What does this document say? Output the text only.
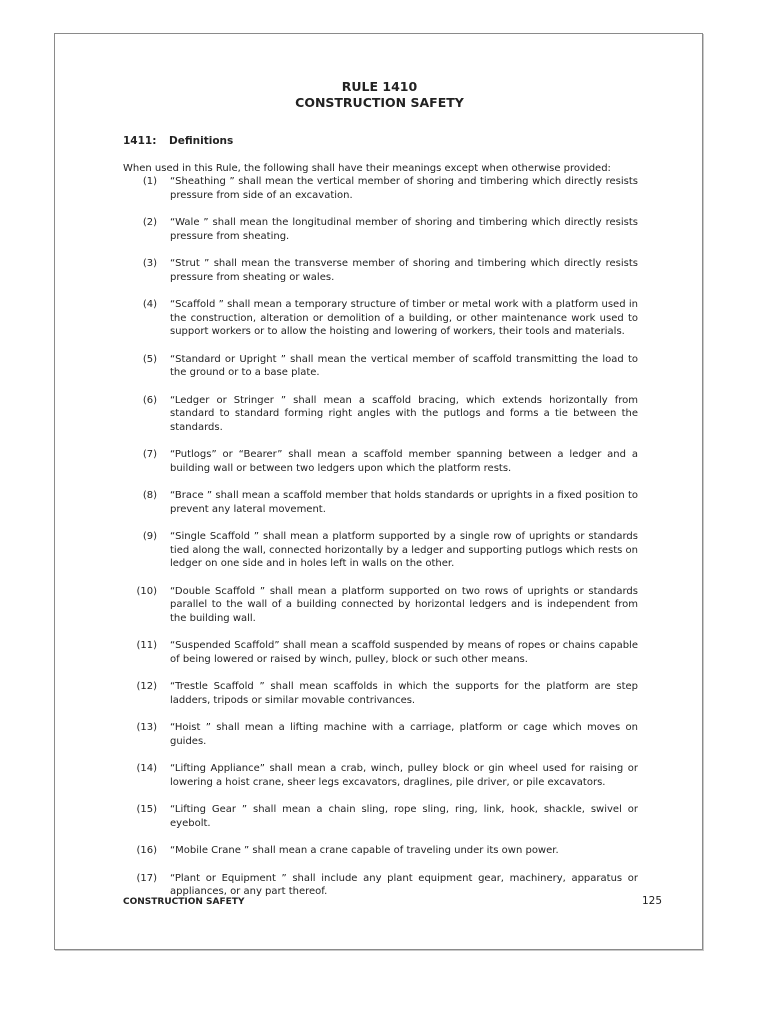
RULE 1410
CONSTRUCTION SAFETY
1411: Definitions

When used in this Rule, the following shall have their meanings except when otherwise provided:

(1) “Sheathing ” shall mean the vertical member of shoring and timbering which directly resists pressure from side of an excavation.
(2) “Wale ” shall mean the longitudinal member of shoring and timbering which directly resists pressure from sheating.
(3) “Strut ” shall mean the transverse member of shoring and timbering which directly resists pressure from sheating or wales.
(4) “Scaffold ” shall mean a temporary structure of timber or metal work with a platform used in the construction, alteration or demolition of a building, or other maintenance work used to support workers or to allow the hoisting and lowering of workers, their tools and materials.
(5) “Standard or Upright ” shall mean the vertical member of scaffold transmitting the load to the ground or to a base plate.
(6) “Ledger or Stringer ” shall mean a scaffold bracing, which extends horizontally from standard to standard forming right angles with the putlogs and forms a tie between the standards.
(7) “Putlogs” or “Bearer” shall mean a scaffold member spanning between a ledger and a building wall or between two ledgers upon which the platform rests.
(8) “Brace ” shall mean a scaffold member that holds standards or uprights in a fixed position to prevent any lateral movement.
(9) “Single Scaffold ” shall mean a platform supported by a single row of uprights or standards tied along the wall, connected horizontally by a ledger and supporting putlogs which rests on ledger on one side and in holes left in walls on the other.
(10) “Double Scaffold ” shall mean a platform supported on two rows of uprights or standards parallel to the wall of a building connected by horizontal ledgers and is independent from the building wall.
(11) “Suspended Scaffold” shall mean a scaffold suspended by means of ropes or chains capable of being lowered or raised by winch, pulley, block or such other means.
(12) “Trestle Scaffold ” shall mean scaffolds in which the supports for the platform are step ladders, tripods or similar movable contrivances.
(13) “Hoist ” shall mean a lifting machine with a carriage, platform or cage which moves on guides.
(14) “Lifting Appliance” shall mean a crab, winch, pulley block or gin wheel used for raising or lowering a hoist crane, sheer legs excavators, draglines, pile driver, or pile excavators.
(15) “Lifting Gear ” shall mean a chain sling, rope sling, ring, link, hook, shackle, swivel or eyebolt.
(16) “Mobile Crane ” shall mean a crane capable of traveling under its own power.
(17) “Plant or Equipment ” shall include any plant equipment gear, machinery, apparatus or appliances, or any part thereof.

CONSTRUCTION SAFETY	125
